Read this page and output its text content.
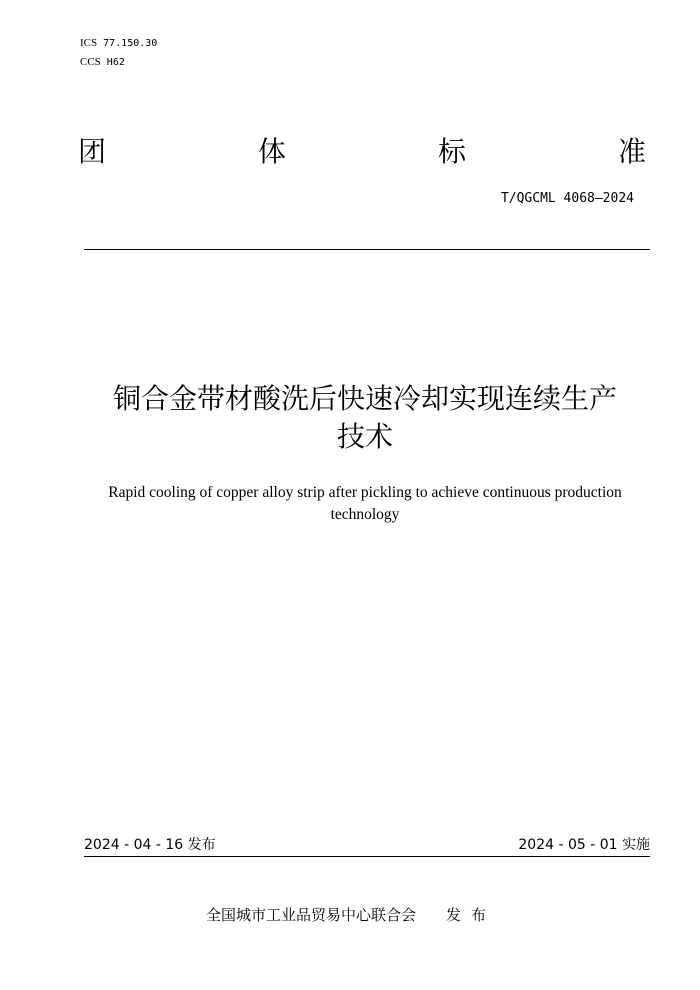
ICS 77.150.30
CCS H62
团	体	标	准
T/QGCML 4068—2024
铜合金带材酸洗后快速冷却实现连续生产
技术
Rapid cooling of copper alloy strip after pickling to achieve continuous production
technology
2024 - 04 - 16 发布	2024 - 05 - 01 实施
全国城市工业品贸易中心联合会 发布
